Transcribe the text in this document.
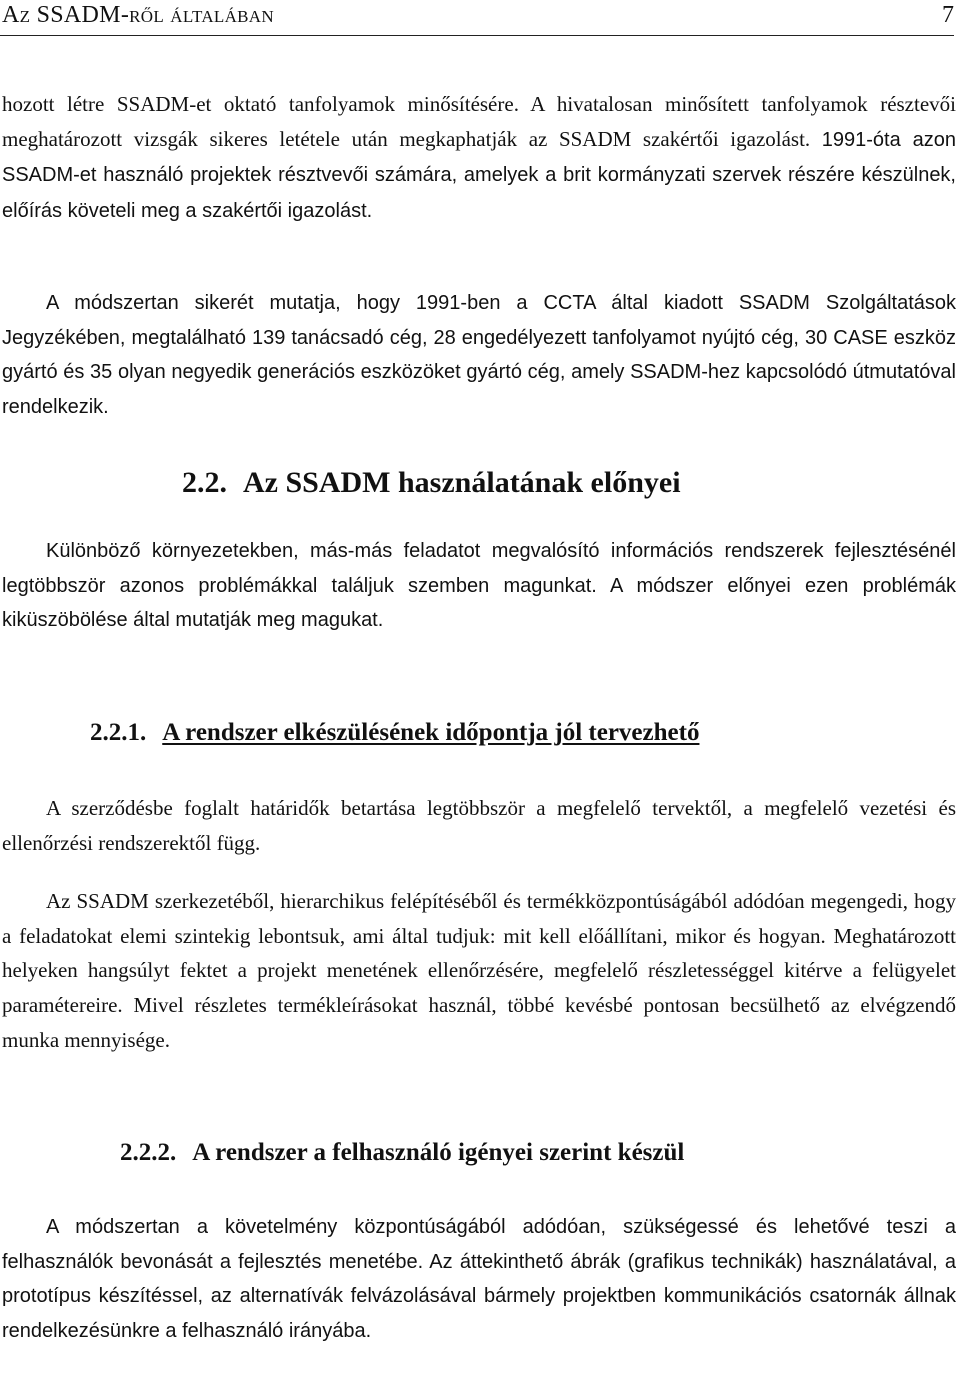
Az SSADM-ről általában	7

hozott létre SSADM-et oktató tanfolyamok minősítésére. A hivatalosan minősített tanfolyamok résztevői meghatározott vizsgák sikeres letétele után megkaphatják az SSADM szakértői igazolást. 1991-óta azon SSADM-et használó projektek résztvevői számára, amelyek a brit kormányzati szervek részére készülnek, előírás követeli meg a szakértői igazolást.

A módszertan sikerét mutatja, hogy 1991-ben a CCTA által kiadott SSADM Szolgáltatások Jegyzékében, megtalálható 139 tanácsadó cég, 28 engedélyezett tanfolyamot nyújtó cég, 30 CASE eszköz gyártó és 35 olyan negyedik generációs eszközöket gyártó cég, amely SSADM-hez kapcsolódó útmutatóval rendelkezik.

2.2. Az SSADM használatának előnyei

Különböző környezetekben, más-más feladatot megvalósító információs rendszerek fejlesztésénél legtöbbször azonos problémákkal találjuk szemben magunkat. A módszer előnyei ezen problémák kiküszöbölése által mutatják meg magukat.

2.2.1. A rendszer elkészülésének időpontja jól tervezhető

A szerződésbe foglalt határidők betartása legtöbbször a megfelelő tervektől, a megfelelő vezetési és ellenőrzési rendszerektől függ.

Az SSADM szerkezetéből, hierarchikus felépítéséből és termékközpontúságából adódóan megengedi, hogy a feladatokat elemi szintekig lebontsuk, ami által tudjuk: mit kell előállítani, mikor és hogyan. Meghatározott helyeken hangsúlyt fektet a projekt menetének ellenőrzésére, megfelelő részletességgel kitérve a felügyelet paramétereire. Mivel részletes termékleírásokat használ, többé kevésbé pontosan becsülhető az elvégzendő munka mennyisége.

2.2.2. A rendszer a felhasználó igényei szerint készül

A módszertan a követelmény központúságából adódóan, szükségessé és lehetővé teszi a felhasználók bevonását a fejlesztés menetébe. Az áttekinthető ábrák (grafikus technikák) használatával, a prototípus készítéssel, az alternatívák felvázolásával bármely projektben kommunikációs csatornák állnak rendelkezésünkre a felhasználó irányába.
